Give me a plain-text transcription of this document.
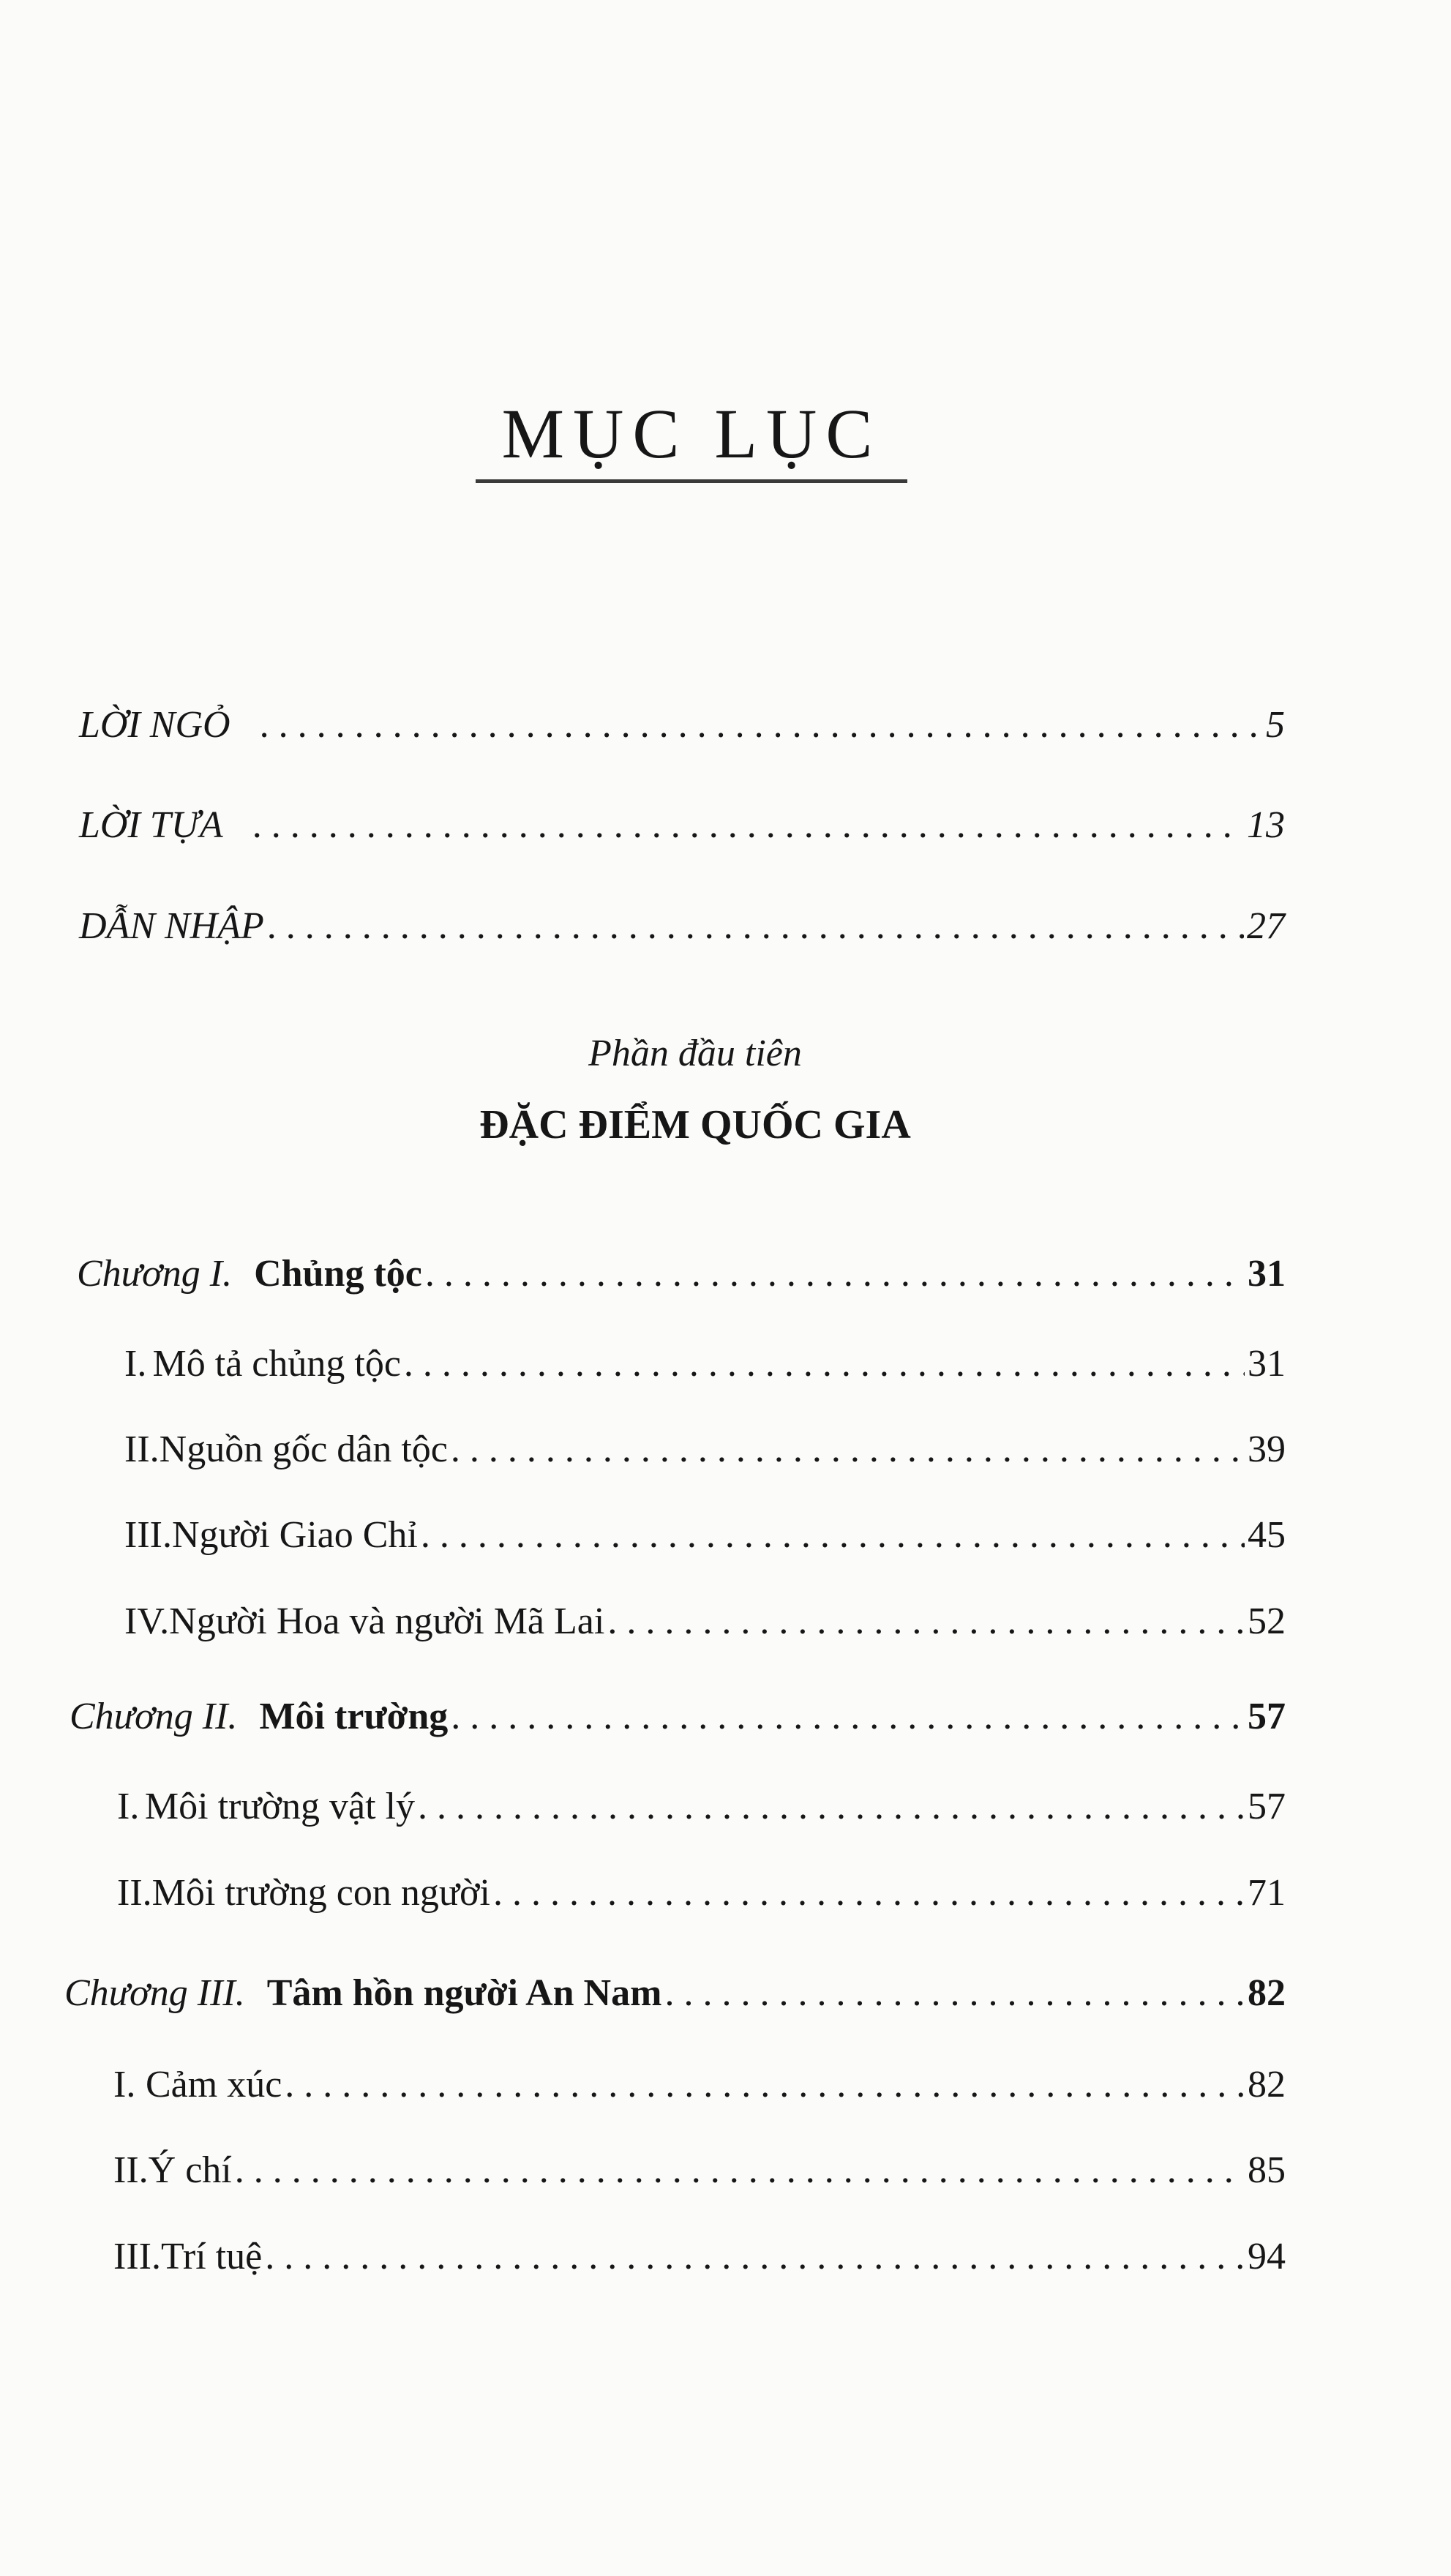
MỤC LỤC
LỜI NGỎ . . .	5
LỜI TỰA . . .	13
DẪN NHẬP . . .	27
Phần đầu tiên
ĐẶC ĐIỂM QUỐC GIA
Chương I. Chủng tộc . . .	31
I. Mô tả chủng tộc . . .	31
II. Nguồn gốc dân tộc . . .	39
III. Người Giao Chỉ . . .	45
IV. Người Hoa và người Mã Lai . . .	52
Chương II. Môi trường . . .	57
I. Môi trường vật lý . . .	57
II. Môi trường con người . . .	71
Chương III. Tâm hồn người An Nam . . .	82
I. Cảm xúc . . .	82
II. Ý chí . . .	85
III. Trí tuệ . . .	94
